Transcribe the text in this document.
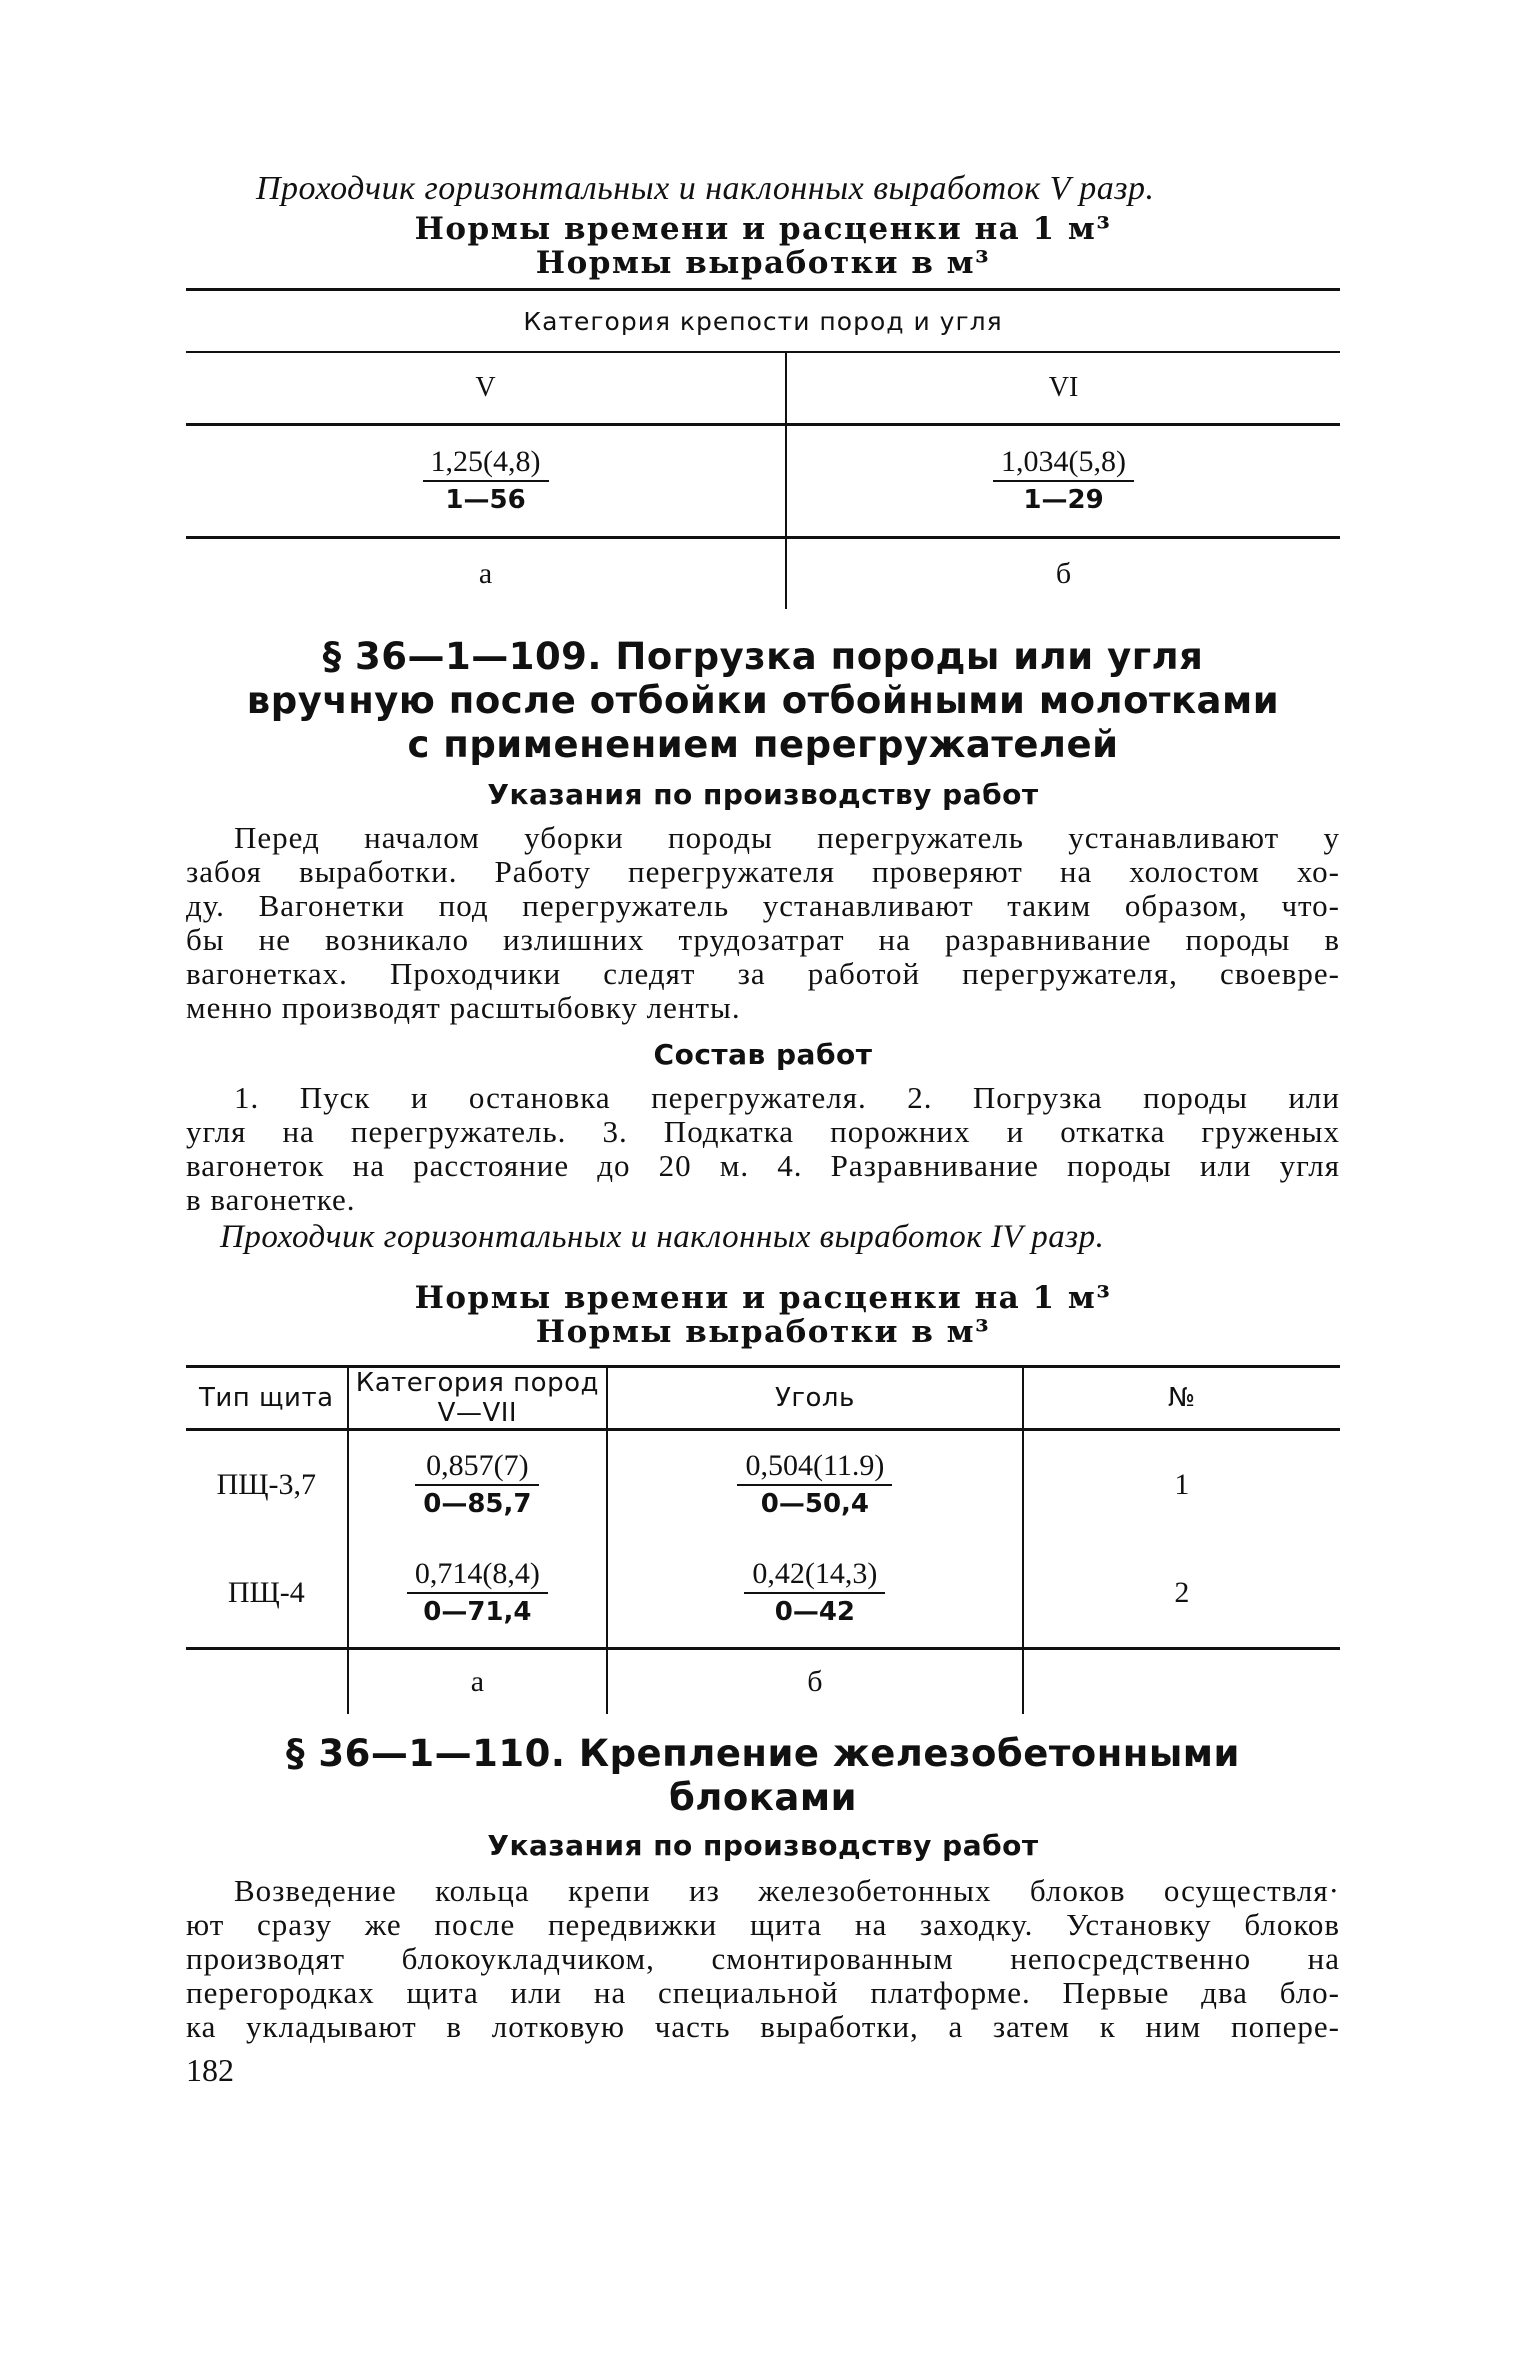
Проходчик горизонтальных и наклонных выработок V разр.
Нормы времени и расценки на 1 м³
Нормы выработки в м³
Категория крепости пород и угля	
V	VI

$\frac{1,25(4,8)}{1—56}$	$\frac{1,034(5,8)}{1—29}$

а	б
§ 36—1—109. Погрузка породы или угля
вручную после отбойки отбойными молотками
с применением перегружателей
Указания по производству работ
Перед началом уборки породы перегружатель устанавливают у
забоя выработки. Работу перегружателя проверяют на холостом хо-
ду. Вагонетки под перегружатель устанавливают таким образом, что-
бы не возникало излишних трудозатрат на разравнивание породы в
вагонетках. Проходчики следят за работой перегружателя, своевре-
менно производят расштыбовку ленты.
Состав работ
1. Пуск и остановка перегружателя. 2. Погрузка породы или
угля на перегружатель. 3. Подкатка порожних и откатка груженых
вагонеток на расстояние до 20 м. 4. Разравнивание породы или угля
в вагонетке.
Проходчик горизонтальных и наклонных выработок IV разр.
Нормы времени и расценки на 1 м³
Нормы выработки в м³
Тип щита	Категория пород V—VII	Уголь	№
ПЩ-3,7	$\frac{0,857(7)}{0—85,7}$	$\frac{0,504(11.9)}{0—50,4}$	1
ПЩ-4	$\frac{0,714(8,4)}{0—71,4}$	$\frac{0,42(14,3)}{0—42}$	2
	а	б	
§ 36—1—110. Крепление железобетонными блоками
Указания по производству работ
Возведение кольца крепи из железобетонных блоков осуществля·
ют сразу же после передвижки щита на заходку. Установку блоков
производят блокоукладчиком, смонтированным непосредственно на
перегородках щита или на специальной платформе. Первые два бло-
ка укладывают в лотковую часть выработки, а затем к ним попере-
182
